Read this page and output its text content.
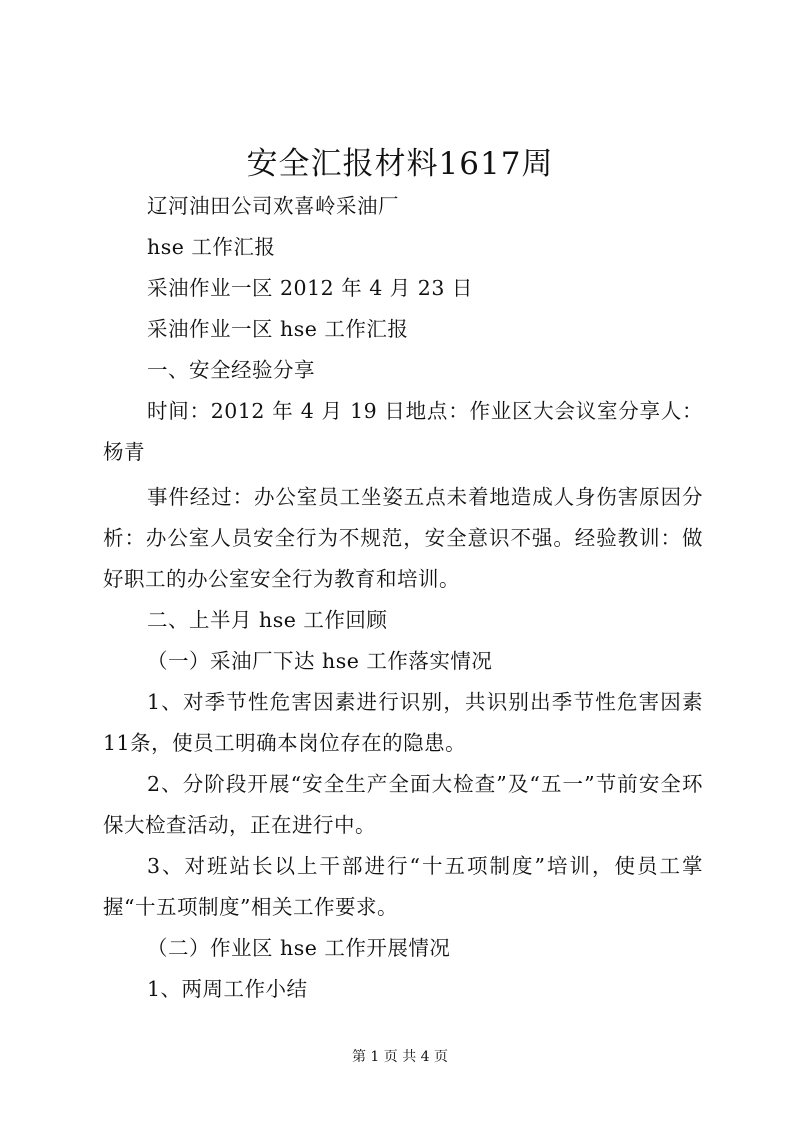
安全汇报材料1617周

辽河油田公司欢喜岭采油厂

hse 工作汇报

采油作业一区 2012 年 4 月 23 日

采油作业一区 hse 工作汇报

一、安全经验分享

时间：2012 年 4 月 19 日地点：作业区大会议室分享人：杨青

事件经过：办公室员工坐姿五点未着地造成人身伤害原因分析：办公室人员安全行为不规范，安全意识不强。经验教训：做好职工的办公室安全行为教育和培训。

二、上半月 hse 工作回顾

（一）采油厂下达 hse 工作落实情况

1、对季节性危害因素进行识别，共识别出季节性危害因素 11条，使员工明确本岗位存在的隐患。

2、分阶段开展“安全生产全面大检查”及“五一”节前安全环保大检查活动，正在进行中。

3、对班站长以上干部进行“十五项制度”培训，使员工掌握“十五项制度”相关工作要求。

（二）作业区 hse 工作开展情况

1、两周工作小结

第 1 页 共 4 页
